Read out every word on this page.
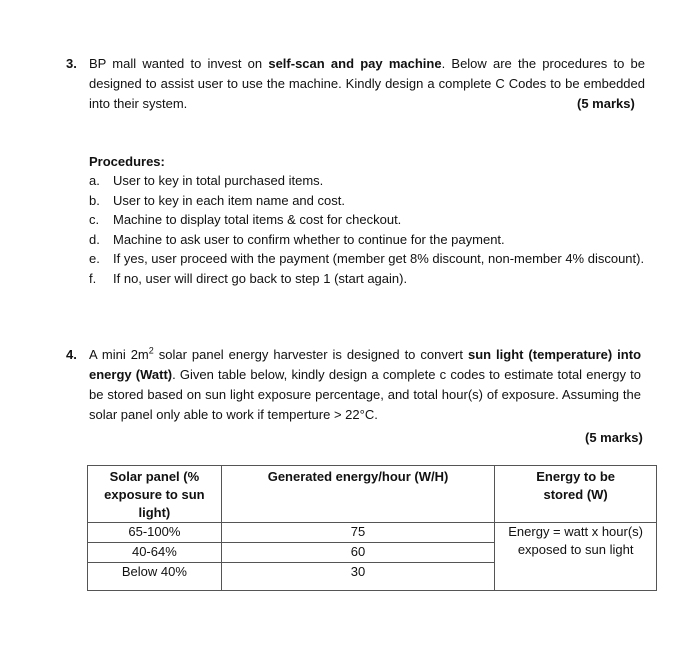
3. BP mall wanted to invest on self-scan and pay machine. Below are the procedures to be designed to assist user to use the machine. Kindly design a complete C Codes to be embedded into their system.	(5 marks)
Procedures:
a. User to key in total purchased items.
b. User to key in each item name and cost.
c. Machine to display total items & cost for checkout.
d. Machine to ask user to confirm whether to continue for the payment.
e. If yes, user proceed with the payment (member get 8% discount, non-member 4% discount).
f. If no, user will direct go back to step 1 (start again).
4. A mini $2m^2$ solar panel energy harvester is designed to convert sun light (temperature) into energy (Watt). Given table below, kindly design a complete c codes to estimate total energy to be stored based on sun light exposure percentage, and total hour(s) of exposure. Assuming the solar panel only able to work if temperture > 22°C.
(5 marks)
Solar panel (% exposure to sun light)	Generated energy/hour (W/H)	Energy to be stored (W)
65-100%	75	Energy = watt x hour(s) exposed to sun light
40-64%	60	
Below 40%	30	
